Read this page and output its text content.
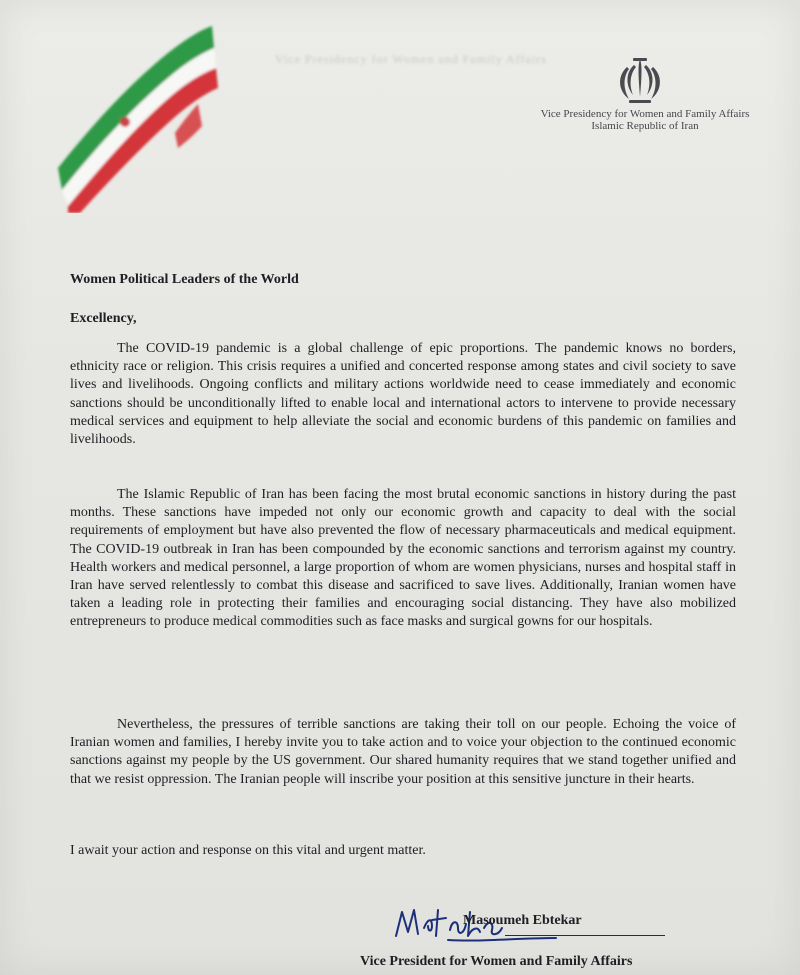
Vice Presidency for Women and Family Affairs
Vice Presidency for Women and Family Affairs
Islamic Republic of Iran
Women Political Leaders of the World
Excellency,

The COVID-19 pandemic is a global challenge of epic proportions. The pandemic knows no borders, ethnicity race or religion. This crisis requires a unified and concerted response among states and civil society to save lives and livelihoods. Ongoing conflicts and military actions worldwide need to cease immediately and economic sanctions should be unconditionally lifted to enable local and international actors to intervene to provide necessary medical services and equipment to help alleviate the social and economic burdens of this pandemic on families and livelihoods.

The Islamic Republic of Iran has been facing the most brutal economic sanctions in history during the past months. These sanctions have impeded not only our economic growth and capacity to deal with the social requirements of employment but have also prevented the flow of necessary pharmaceuticals and medical equipment. The COVID-19 outbreak in Iran has been compounded by the economic sanctions and terrorism against my country. Health workers and medical personnel, a large proportion of whom are women physicians, nurses and hospital staff in Iran have served relentlessly to combat this disease and sacrificed to save lives. Additionally, Iranian women have taken a leading role in protecting their families and encouraging social distancing. They have also mobilized entrepreneurs to produce medical commodities such as face masks and surgical gowns for our hospitals.

Nevertheless, the pressures of terrible sanctions are taking their toll on our people. Echoing the voice of Iranian women and families, I hereby invite you to take action and to voice your objection to the continued economic sanctions against my people by the US government. Our shared humanity requires that we stand together unified and that we resist oppression. The Iranian people will inscribe your position at this sensitive juncture in their hearts.

I await your action and response on this vital and urgent matter.
Masoumeh Ebtekar
Vice President for Women and Family Affairs
